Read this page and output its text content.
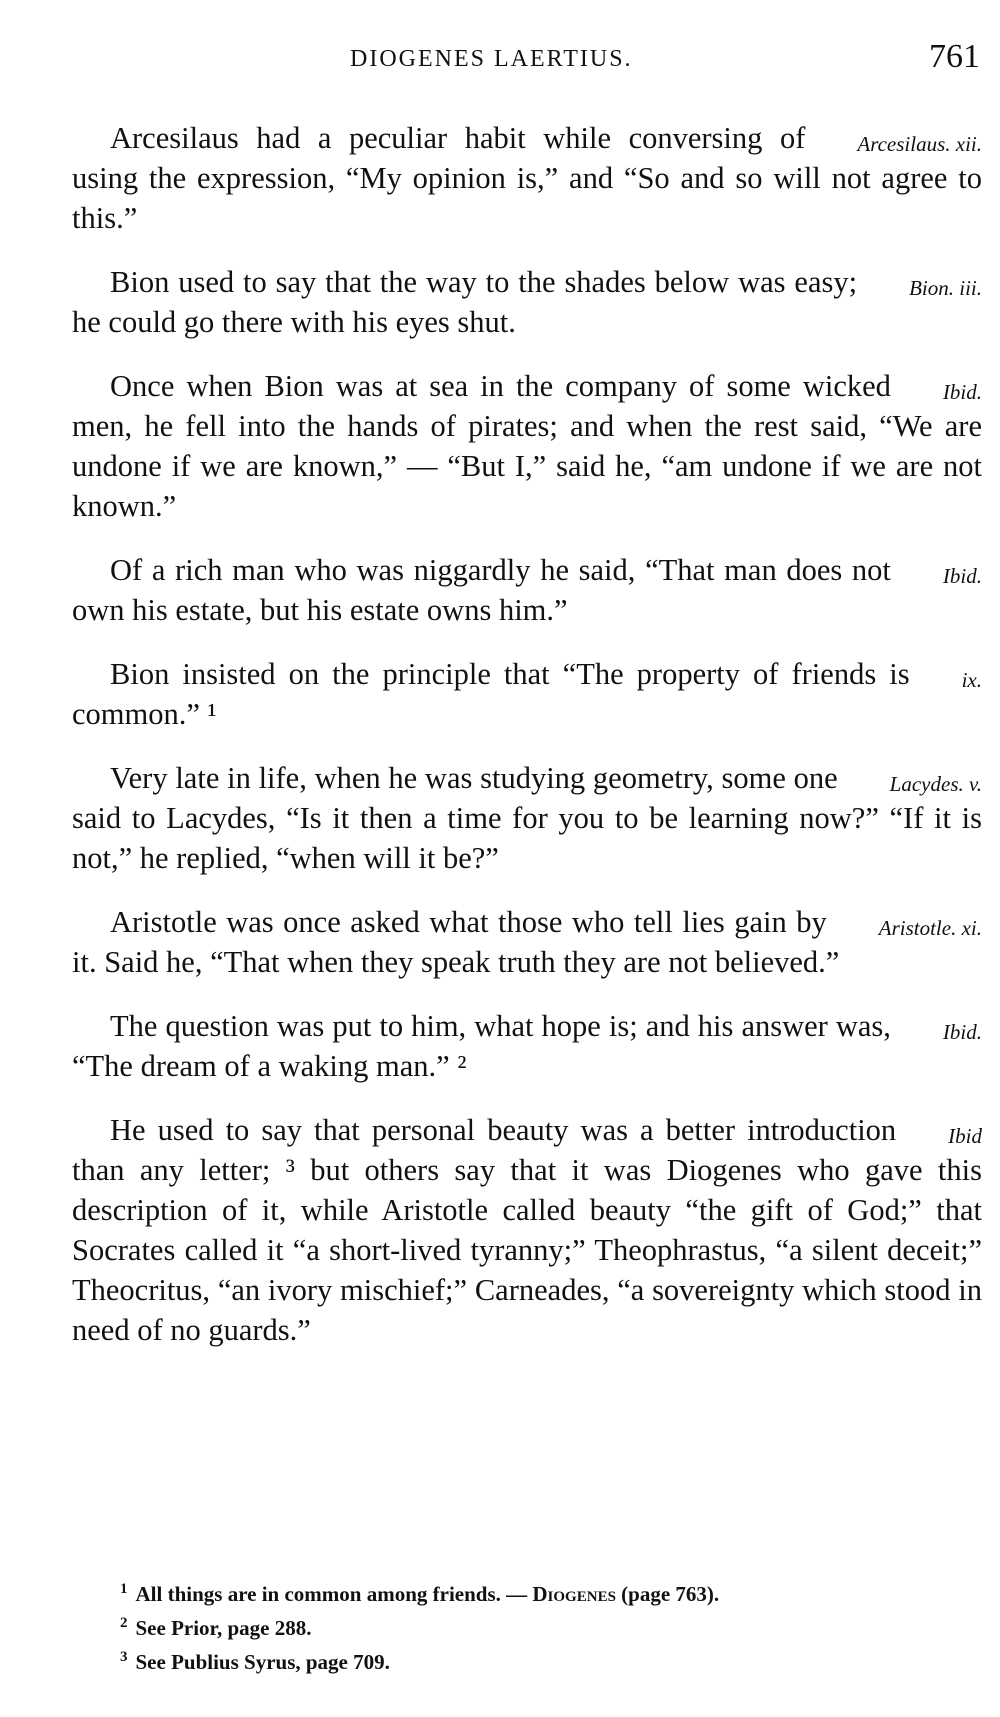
DIOGENES LAERTIUS.	761

Arcesilaus. xii.
Arcesilaus had a peculiar habit while conversing of using the expression, “My opinion is,” and “So and so will not agree to this.”

Bion. iii.
Bion used to say that the way to the shades below was easy; he could go there with his eyes shut.

Ibid.
Once when Bion was at sea in the company of some wicked men, he fell into the hands of pirates; and when the rest said, “We are undone if we are known,” — “But I,” said he, “am undone if we are not known.”

Ibid.
Of a rich man who was niggardly he said, “That man does not own his estate, but his estate owns him.”

ix.
Bion insisted on the principle that “The property of friends is common.” ¹

Lacydes. v.
Very late in life, when he was studying geometry, some one said to Lacydes, “Is it then a time for you to be learning now?” “If it is not,” he replied, “when will it be?”

Aristotle. xi.
Aristotle was once asked what those who tell lies gain by it. Said he, “That when they speak truth they are not believed.”

Ibid.
The question was put to him, what hope is; and his answer was, “The dream of a waking man.” ²

Ibid
He used to say that personal beauty was a better introduction than any letter; ³ but others say that it was Diogenes who gave this description of it, while Aristotle called beauty “the gift of God;” that Socrates called it “a short-lived tyranny;” Theophrastus, “a silent deceit;” Theocritus, “an ivory mischief;” Carneades, “a sovereignty which stood in need of no guards.”

$^1$ All things are in common among friends. — Diogenes (page 763).
$^2$ See Prior, page 288.
$^3$ See Publius Syrus, page 709.
